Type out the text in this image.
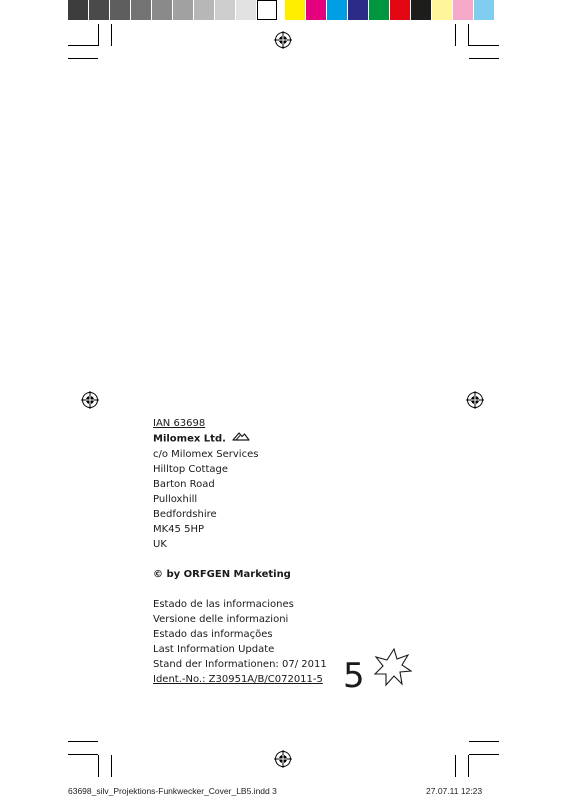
IAN 63698
Milomex Ltd.
c/o Milomex Services
Hilltop Cottage
Barton Road
Pulloxhill
Bedfordshire
MK45 5HP
UK
© by ORFGEN Marketing
Estado de las informaciones
Versione delle informazioni
Estado das informações
Last Information Update
Stand der Informationen: 07/ 2011
Ident.-No.: Z30951A/B/C072011-5 5
63698_silv_Projektions-Funkwecker_Cover_LB5.indd 3	27.07.11 12:23
